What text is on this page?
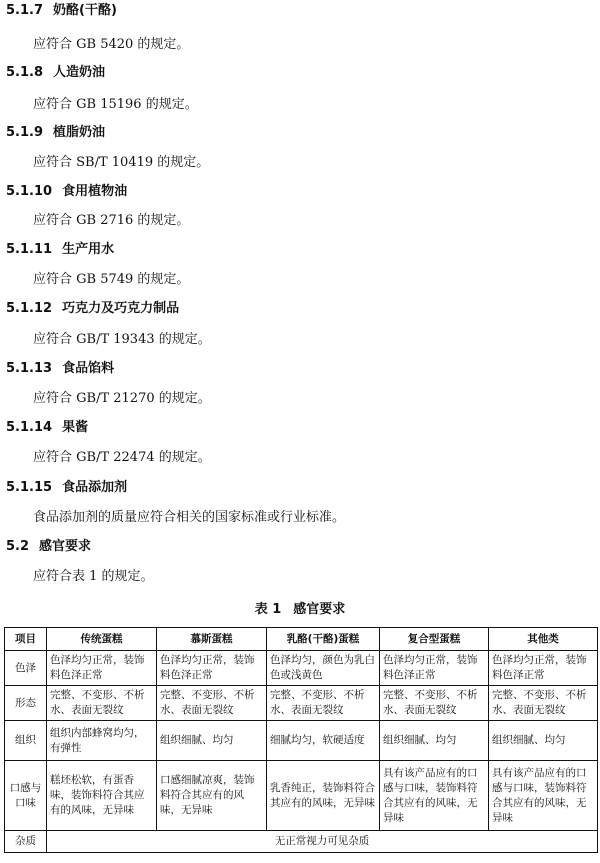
5.1.7 奶酪(干酪)
应符合 GB 5420 的规定。
5.1.8 人造奶油
应符合 GB 15196 的规定。
5.1.9 植脂奶油
应符合 SB/T 10419 的规定。
5.1.10 食用植物油
应符合 GB 2716 的规定。
5.1.11 生产用水
应符合 GB 5749 的规定。
5.1.12 巧克力及巧克力制品
应符合 GB/T 19343 的规定。
5.1.13 食品馅料
应符合 GB/T 21270 的规定。
5.1.14 果酱
应符合 GB/T 22474 的规定。
5.1.15 食品添加剂
食品添加剂的质量应符合相关的国家标准或行业标准。
5.2 感官要求
应符合表 1 的规定。
表 1 感官要求
项目	传统蛋糕	慕斯蛋糕	乳酪(干酪)蛋糕	复合型蛋糕	其他类
色泽	色泽均匀正常，装饰料色泽正常	色泽均匀正常，装饰料色泽正常	色泽均匀，颜色为乳白色或浅黄色	色泽均匀正常，装饰料色泽正常	色泽均匀正常，装饰料色泽正常
形态	完整、不变形、不析水、表面无裂纹	完整、不变形、不析水、表面无裂纹	完整、不变形、不析水、表面无裂纹	完整、不变形、不析水、表面无裂纹	完整、不变形、不析水、表面无裂纹
组织	组织内部蜂窝均匀，有弹性	组织细腻、均匀	细腻均匀，软硬适度	组织细腻、均匀	组织细腻、均匀
口感与口味	糕坯松软，有蛋香味，装饰料符合其应有的风味，无异味	口感细腻凉爽，装饰料符合其应有的风味，无异味	乳香纯正，装饰料符合其应有的风味，无异味	具有该产品应有的口感与口味，装饰料符合其应有的风味，无异味	具有该产品应有的口感与口味，装饰料符合其应有的风味，无异味
杂质	无正常视力可见杂质				
